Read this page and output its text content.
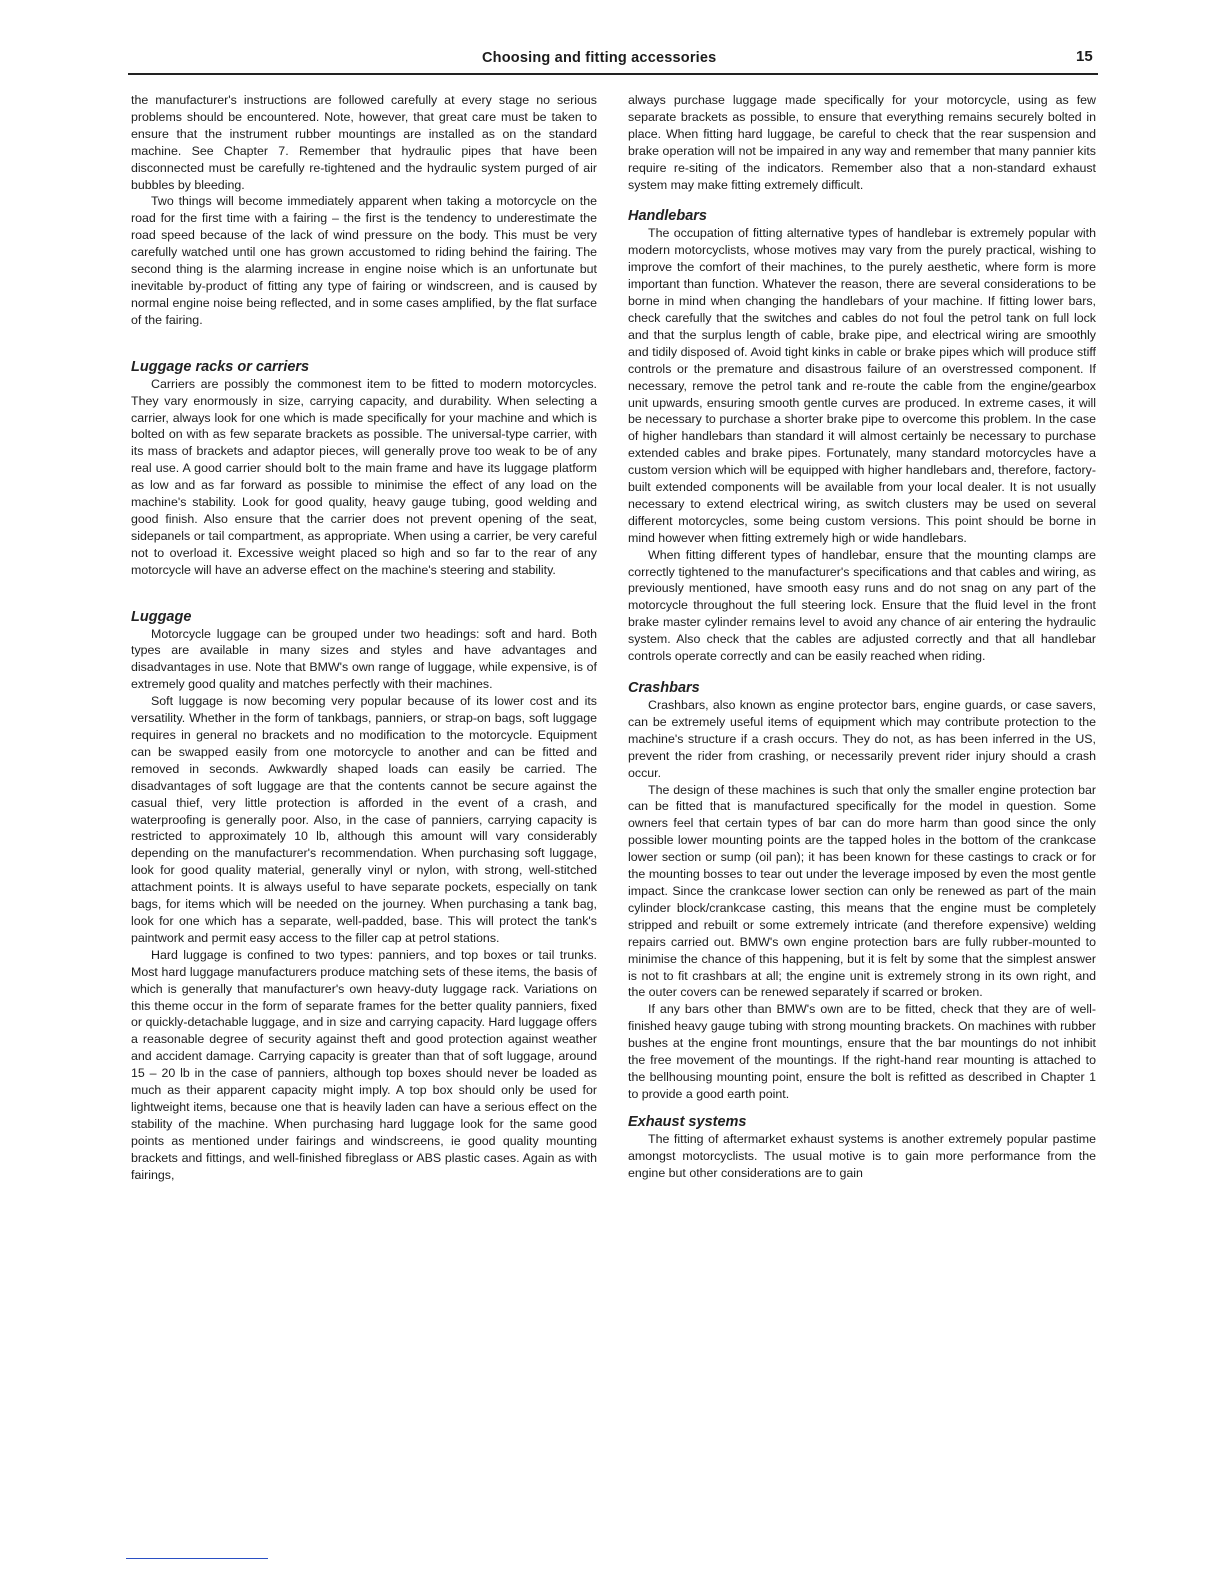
Choosing and fitting accessories	15

the manufacturer's instructions are followed carefully at every stage no serious problems should be encountered. Note, however, that great care must be taken to ensure that the instrument rubber mountings are installed as on the standard machine. See Chapter 7. Remember that hydraulic pipes that have been disconnected must be carefully re-tightened and the hydraulic system purged of air bubbles by bleeding.

Two things will become immediately apparent when taking a motorcycle on the road for the first time with a fairing – the first is the tendency to underestimate the road speed because of the lack of wind pressure on the body. This must be very carefully watched until one has grown accustomed to riding behind the fairing. The second thing is the alarming increase in engine noise which is an unfortunate but inevitable by-product of fitting any type of fairing or windscreen, and is caused by normal engine noise being reflected, and in some cases amplified, by the flat surface of the fairing.

Luggage racks or carriers

Carriers are possibly the commonest item to be fitted to modern motorcycles. They vary enormously in size, carrying capacity, and durability. When selecting a carrier, always look for one which is made specifically for your machine and which is bolted on with as few separate brackets as possible. The universal-type carrier, with its mass of brackets and adaptor pieces, will generally prove too weak to be of any real use. A good carrier should bolt to the main frame and have its luggage platform as low and as far forward as possible to minimise the effect of any load on the machine's stability. Look for good quality, heavy gauge tubing, good welding and good finish. Also ensure that the carrier does not prevent opening of the seat, sidepanels or tail compartment, as appropriate. When using a carrier, be very careful not to overload it. Excessive weight placed so high and so far to the rear of any motorcycle will have an adverse effect on the machine's steering and stability.

Luggage

Motorcycle luggage can be grouped under two headings: soft and hard. Both types are available in many sizes and styles and have advantages and disadvantages in use. Note that BMW's own range of luggage, while expensive, is of extremely good quality and matches perfectly with their machines.

Soft luggage is now becoming very popular because of its lower cost and its versatility. Whether in the form of tankbags, panniers, or strap-on bags, soft luggage requires in general no brackets and no modification to the motorcycle. Equipment can be swapped easily from one motorcycle to another and can be fitted and removed in seconds. Awkwardly shaped loads can easily be carried. The disadvantages of soft luggage are that the contents cannot be secure against the casual thief, very little protection is afforded in the event of a crash, and waterproofing is generally poor. Also, in the case of panniers, carrying capacity is restricted to approximately 10 lb, although this amount will vary considerably depending on the manufacturer's recommendation. When purchasing soft luggage, look for good quality material, generally vinyl or nylon, with strong, well-stitched attachment points. It is always useful to have separate pockets, especially on tank bags, for items which will be needed on the journey. When purchasing a tank bag, look for one which has a separate, well-padded, base. This will protect the tank's paintwork and permit easy access to the filler cap at petrol stations.

Hard luggage is confined to two types: panniers, and top boxes or tail trunks. Most hard luggage manufacturers produce matching sets of these items, the basis of which is generally that manufacturer's own heavy-duty luggage rack. Variations on this theme occur in the form of separate frames for the better quality panniers, fixed or quickly-detachable luggage, and in size and carrying capacity. Hard luggage offers a reasonable degree of security against theft and good protection against weather and accident damage. Carrying capacity is greater than that of soft luggage, around 15 – 20 lb in the case of panniers, although top boxes should never be loaded as much as their apparent capacity might imply. A top box should only be used for lightweight items, because one that is heavily laden can have a serious effect on the stability of the machine. When purchasing hard luggage look for the same good points as mentioned under fairings and windscreens, ie good quality mounting brackets and fittings, and well-finished fibreglass or ABS plastic cases. Again as with fairings,

always purchase luggage made specifically for your motorcycle, using as few separate brackets as possible, to ensure that everything remains securely bolted in place. When fitting hard luggage, be careful to check that the rear suspension and brake operation will not be impaired in any way and remember that many pannier kits require re-siting of the indicators. Remember also that a non-standard exhaust system may make fitting extremely difficult.

Handlebars

The occupation of fitting alternative types of handlebar is extremely popular with modern motorcyclists, whose motives may vary from the purely practical, wishing to improve the comfort of their machines, to the purely aesthetic, where form is more important than function. Whatever the reason, there are several considerations to be borne in mind when changing the handlebars of your machine. If fitting lower bars, check carefully that the switches and cables do not foul the petrol tank on full lock and that the surplus length of cable, brake pipe, and electrical wiring are smoothly and tidily disposed of. Avoid tight kinks in cable or brake pipes which will produce stiff controls or the premature and disastrous failure of an overstressed component. If necessary, remove the petrol tank and re-route the cable from the engine/gearbox unit upwards, ensuring smooth gentle curves are produced. In extreme cases, it will be necessary to purchase a shorter brake pipe to overcome this problem. In the case of higher handlebars than standard it will almost certainly be necessary to purchase extended cables and brake pipes. Fortunately, many standard motorcycles have a custom version which will be equipped with higher handlebars and, therefore, factory-built extended components will be available from your local dealer. It is not usually necessary to extend electrical wiring, as switch clusters may be used on several different motorcycles, some being custom versions. This point should be borne in mind however when fitting extremely high or wide handlebars.

When fitting different types of handlebar, ensure that the mounting clamps are correctly tightened to the manufacturer's specifications and that cables and wiring, as previously mentioned, have smooth easy runs and do not snag on any part of the motorcycle throughout the full steering lock. Ensure that the fluid level in the front brake master cylinder remains level to avoid any chance of air entering the hydraulic system. Also check that the cables are adjusted correctly and that all handlebar controls operate correctly and can be easily reached when riding.

Crashbars

Crashbars, also known as engine protector bars, engine guards, or case savers, can be extremely useful items of equipment which may contribute protection to the machine's structure if a crash occurs. They do not, as has been inferred in the US, prevent the rider from crashing, or necessarily prevent rider injury should a crash occur.

The design of these machines is such that only the smaller engine protection bar can be fitted that is manufactured specifically for the model in question. Some owners feel that certain types of bar can do more harm than good since the only possible lower mounting points are the tapped holes in the bottom of the crankcase lower section or sump (oil pan); it has been known for these castings to crack or for the mounting bosses to tear out under the leverage imposed by even the most gentle impact. Since the crankcase lower section can only be renewed as part of the main cylinder block/crankcase casting, this means that the engine must be completely stripped and rebuilt or some extremely intricate (and therefore expensive) welding repairs carried out. BMW's own engine protection bars are fully rubber-mounted to minimise the chance of this happening, but it is felt by some that the simplest answer is not to fit crashbars at all; the engine unit is extremely strong in its own right, and the outer covers can be renewed separately if scarred or broken.

If any bars other than BMW's own are to be fitted, check that they are of well-finished heavy gauge tubing with strong mounting brackets. On machines with rubber bushes at the engine front mountings, ensure that the bar mountings do not inhibit the free movement of the mountings. If the right-hand rear mounting is attached to the bellhousing mounting point, ensure the bolt is refitted as described in Chapter 1 to provide a good earth point.

Exhaust systems

The fitting of aftermarket exhaust systems is another extremely popular pastime amongst motorcyclists. The usual motive is to gain more performance from the engine but other considerations are to gain
